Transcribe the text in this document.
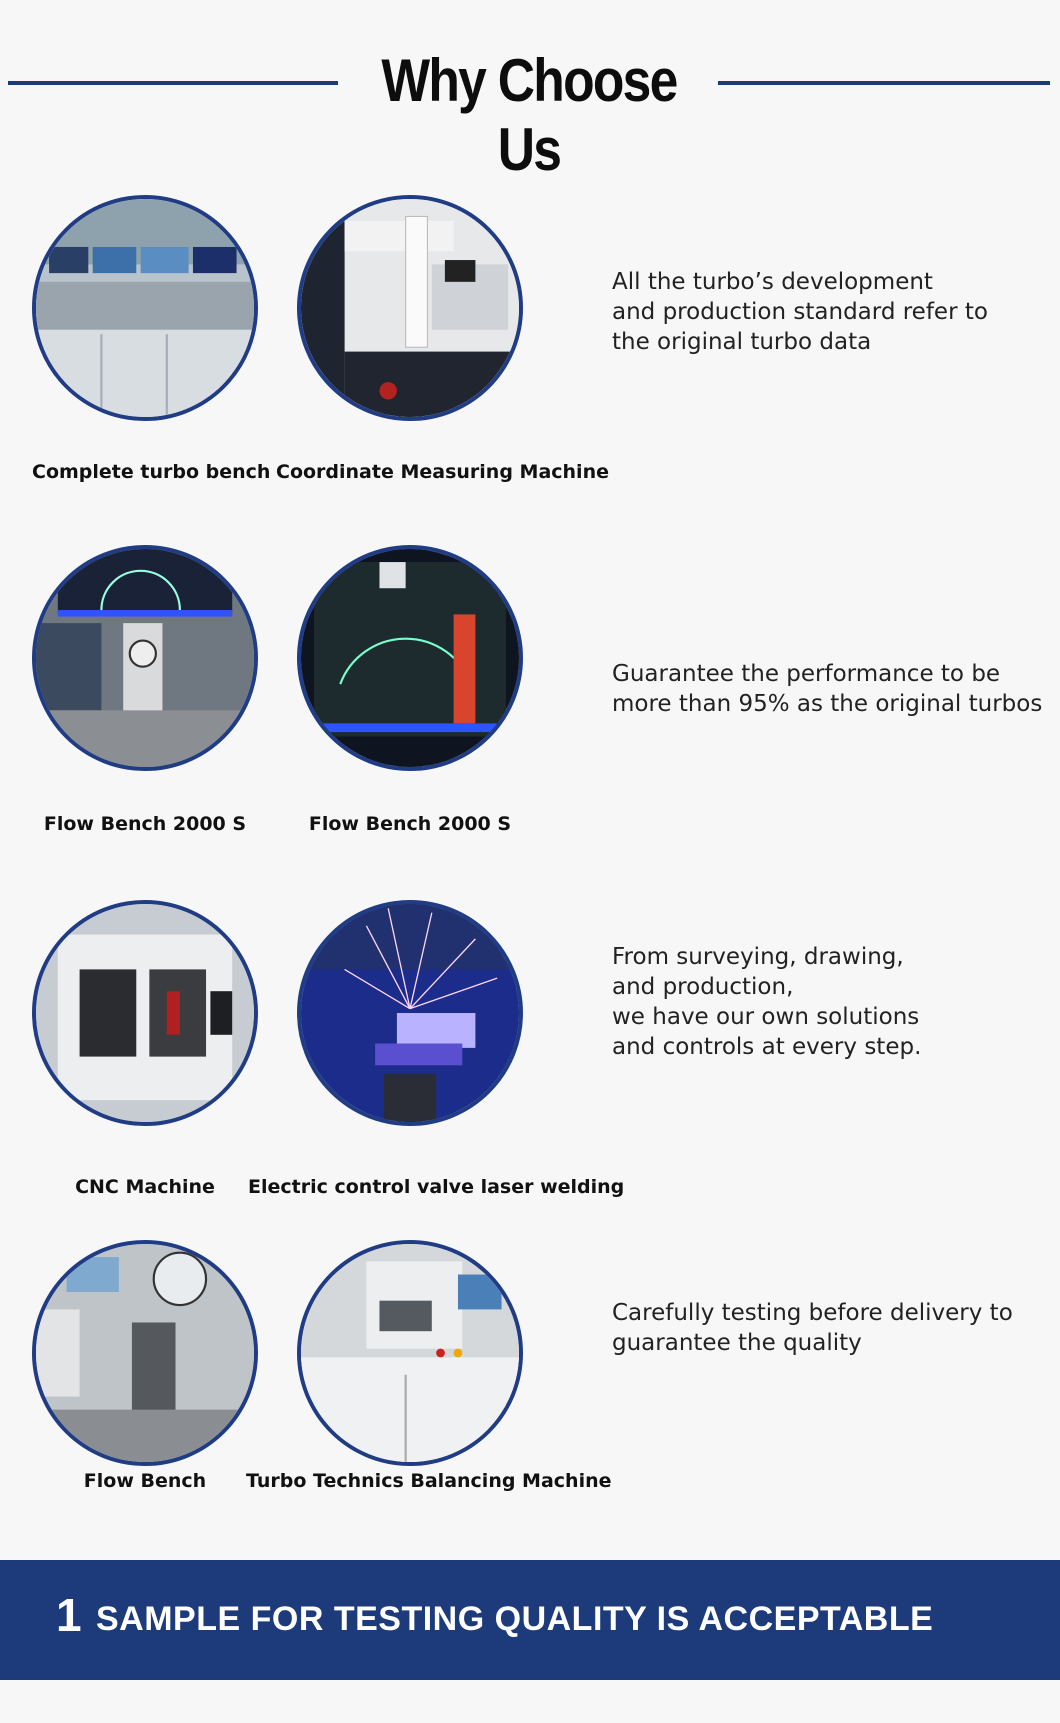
Why Choose Us
Complete turbo bench Coordinate Measuring Machine

All the turbo’s development
and production standard refer to
the original turbo data

Flow Bench 2000 S	Flow Bench 2000 S

Guarantee the performance to be
more than 95% as the original turbos

CNC Machine	Electric control valve laser welding

From surveying, drawing,
and production,
we have our own solutions
and controls at every step.

Flow Bench	Turbo Technics Balancing Machine

Carefully testing before delivery to
guarantee the quality

1 SAMPLE FOR TESTING QUALITY IS ACCEPTABLE
